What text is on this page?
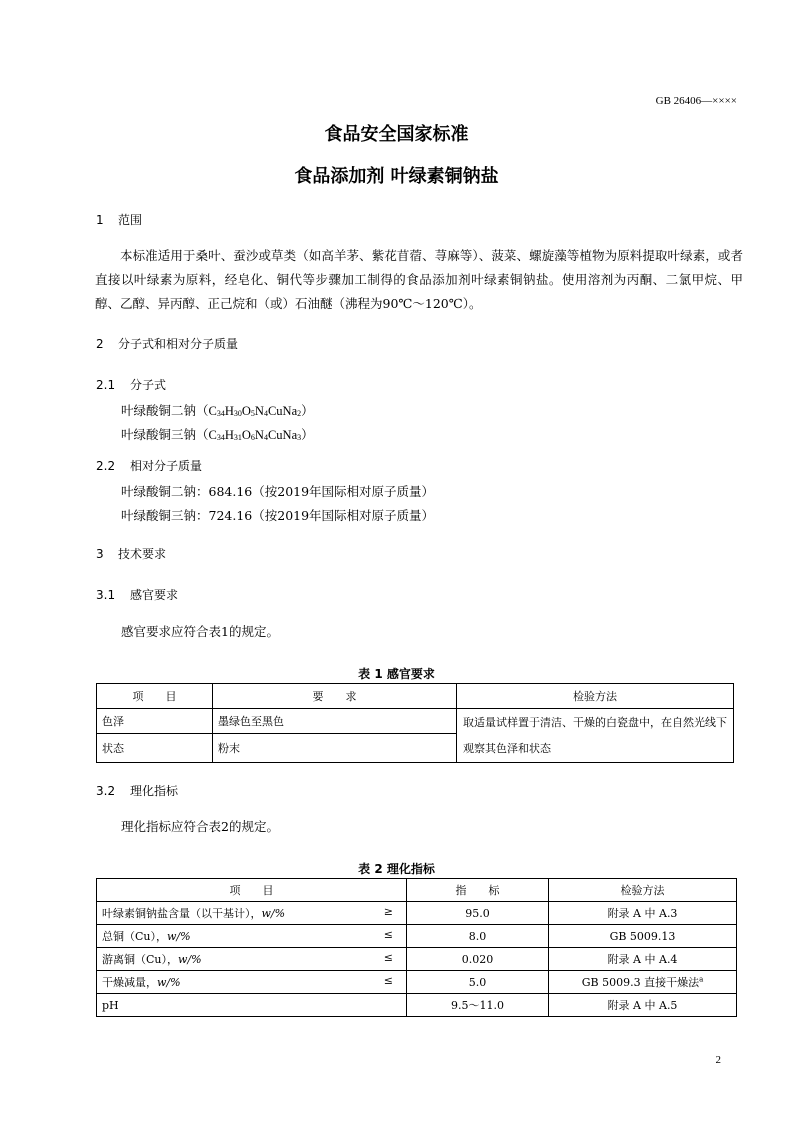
GB 26406—××××
食品安全国家标准
食品添加剂 叶绿素铜钠盐
1 范围
本标准适用于桑叶、蚕沙或草类（如高羊茅、紫花苜蓿、荨麻等）、菠菜、螺旋藻等植物为原料提取叶绿素，或者直接以叶绿素为原料，经皂化、铜代等步骤加工制得的食品添加剂叶绿素铜钠盐。使用溶剂为丙酮、二氯甲烷、甲醇、乙醇、异丙醇、正己烷和（或）石油醚（沸程为90℃～120℃）。
2 分子式和相对分子质量
2.1 分子式
叶绿酸铜二钠$(C_{34}H_{30}O_5N_4CuNa_2)$
叶绿酸铜三钠$(C_{34}H_{31}O_6N_4CuNa_3)$
2.2 相对分子质量
叶绿酸铜二钠：684.16（按2019年国际相对原子质量）
叶绿酸铜三钠：724.16（按2019年国际相对原子质量）
3 技术要求
3.1 感官要求
感官要求应符合表1的规定。
表 1 感官要求
项　　目	要　　求	检验方法
色泽	墨绿色至黑色	取适量试样置于清洁、干燥的白瓷盘中，在自然光线下观察其色泽和状态
状态	粉末	
3.2 理化指标
理化指标应符合表2的规定。
表 2 理化指标
项　　目	指　　标	检验方法
叶绿素铜钠盐含量（以干基计），w/% ≥	95.0	附录 A 中 A.3
总铜（Cu），w/% ≤	8.0	GB 5009.13
游离铜（Cu），w/% ≤	0.020	附录 A 中 A.4
干燥减量，w/% ≤	5.0	GB 5009.3 直接干燥法$^a$
pH	9.5～11.0	附录 A 中 A.5
2
